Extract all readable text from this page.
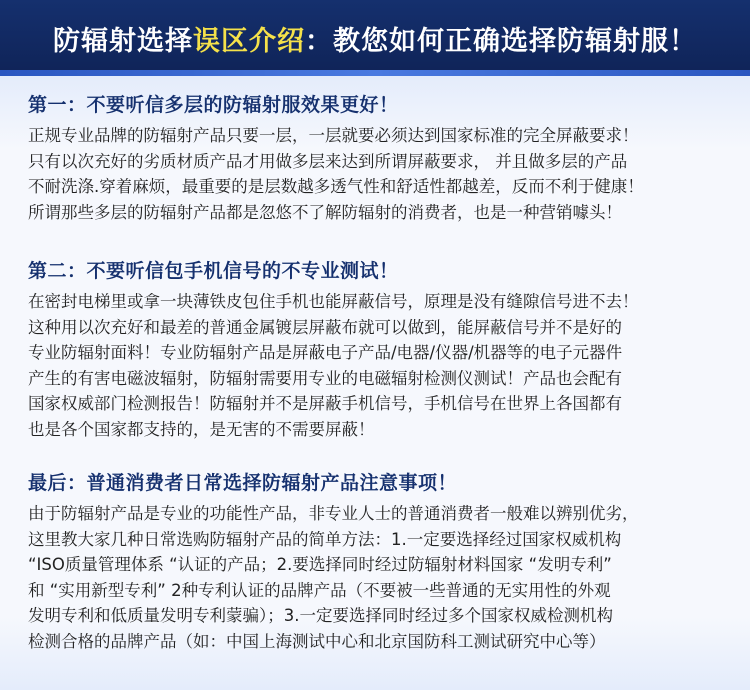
防辐射选择误区介绍：教您如何正确选择防辐射服！
第一：不要听信多层的防辐射服效果更好！
正规专业品牌的防辐射产品只要一层，一层就要必须达到国家标准的完全屏蔽要求！
只有以次充好的劣质材质产品才用做多层来达到所谓屏蔽要求， 并且做多层的产品
不耐洗涤.穿着麻烦，最重要的是层数越多透气性和舒适性都越差，反而不利于健康！
所谓那些多层的防辐射产品都是忽悠不了解防辐射的消费者，也是一种营销噱头！
第二：不要听信包手机信号的不专业测试！
在密封电梯里或拿一块薄铁皮包住手机也能屏蔽信号，原理是没有缝隙信号进不去！
这种用以次充好和最差的普通金属镀层屏蔽布就可以做到，能屏蔽信号并不是好的
专业防辐射面料！专业防辐射产品是屏蔽电子产品/电器/仪器/机器等的电子元器件
产生的有害电磁波辐射，防辐射需要用专业的电磁辐射检测仪测试！产品也会配有
国家权威部门检测报告！防辐射并不是屏蔽手机信号，手机信号在世界上各国都有
也是各个国家都支持的，是无害的不需要屏蔽！
最后：普通消费者日常选择防辐射产品注意事项！
由于防辐射产品是专业的功能性产品，非专业人士的普通消费者一般难以辨别优劣，
这里教大家几种日常选购防辐射产品的简单方法：1.一定要选择经过国家权威机构
“ISO质量管理体系 “认证的产品；2.要选择同时经过防辐射材料国家 “发明专利”
和 “实用新型专利” 2种专利认证的品牌产品（不要被一些普通的无实用性的外观
发明专利和低质量发明专利蒙骗）；3.一定要选择同时经过多个国家权威检测机构
检测合格的品牌产品（如：中国上海测试中心和北京国防科工测试研究中心等）
